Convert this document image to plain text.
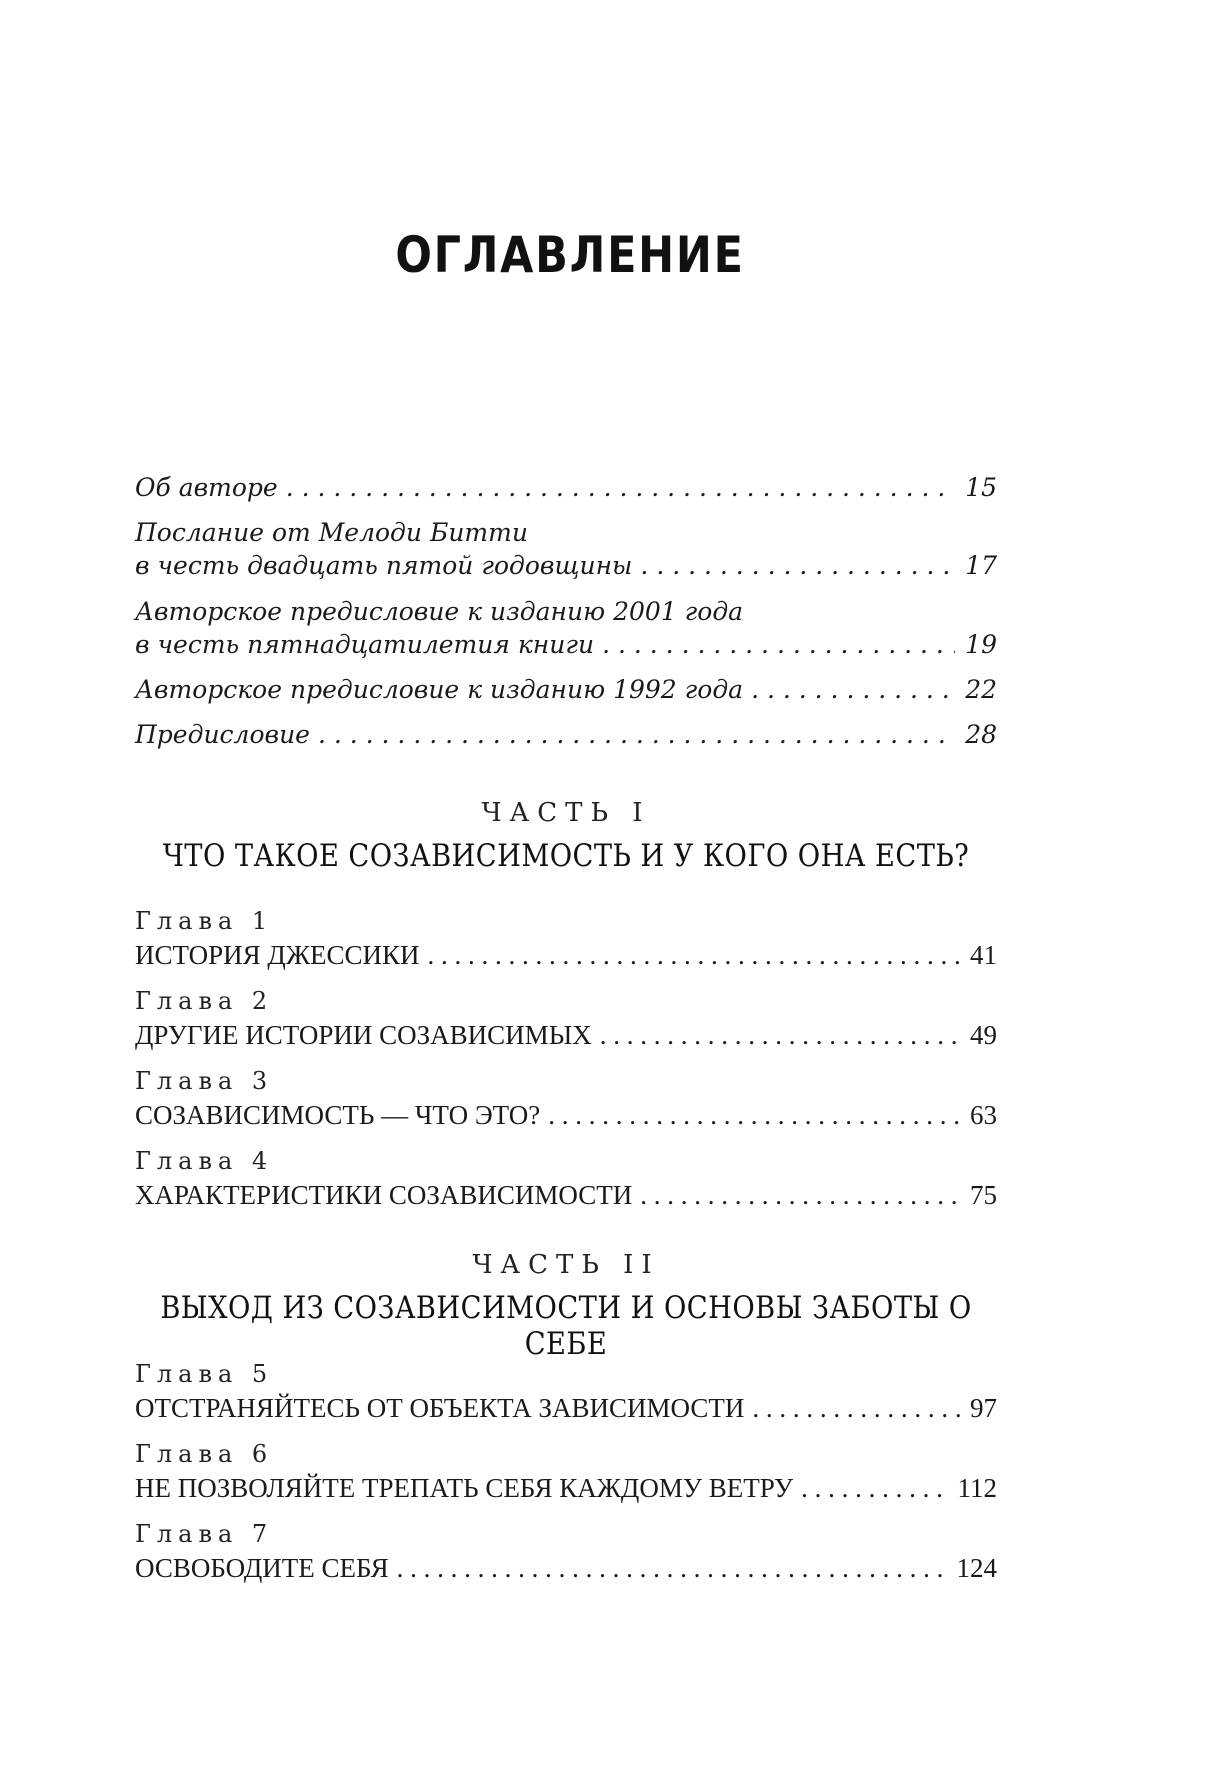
ОГЛАВЛЕНИЕ
Об авторе . . .	15
Послание от Мелоди Битти
в честь двадцать пятой годовщины . . .	17
Авторское предисловие к изданию 2001 года
в честь пятнадцатилетия книги . . .	19
Авторское предисловие к изданию 1992 года . . .	22
Предисловие . . .	28
ЧАСТЬ I
ЧТО ТАКОЕ СОЗАВИСИМОСТЬ И У КОГО ОНА ЕСТЬ?
Глава 1
ИСТОРИЯ ДЖЕССИКИ . . .	41
Глава 2
ДРУГИЕ ИСТОРИИ СОЗАВИСИМЫХ . . .	49
Глава 3
СОЗАВИСИМОСТЬ — ЧТО ЭТО? . . .	63
Глава 4
ХАРАКТЕРИСТИКИ СОЗАВИСИМОСТИ . . .	75
ЧАСТЬ II
ВЫХОД ИЗ СОЗАВИСИМОСТИ И ОСНОВЫ ЗАБОТЫ О СЕБЕ
Глава 5
ОТСТРАНЯЙТЕСЬ ОТ ОБЪЕКТА ЗАВИСИМОСТИ . . .	97
Глава 6
НЕ ПОЗВОЛЯЙТЕ ТРЕПАТЬ СЕБЯ КАЖДОМУ ВЕТРУ . . .	112
Глава 7
ОСВОБОДИТЕ СЕБЯ . . .	124
